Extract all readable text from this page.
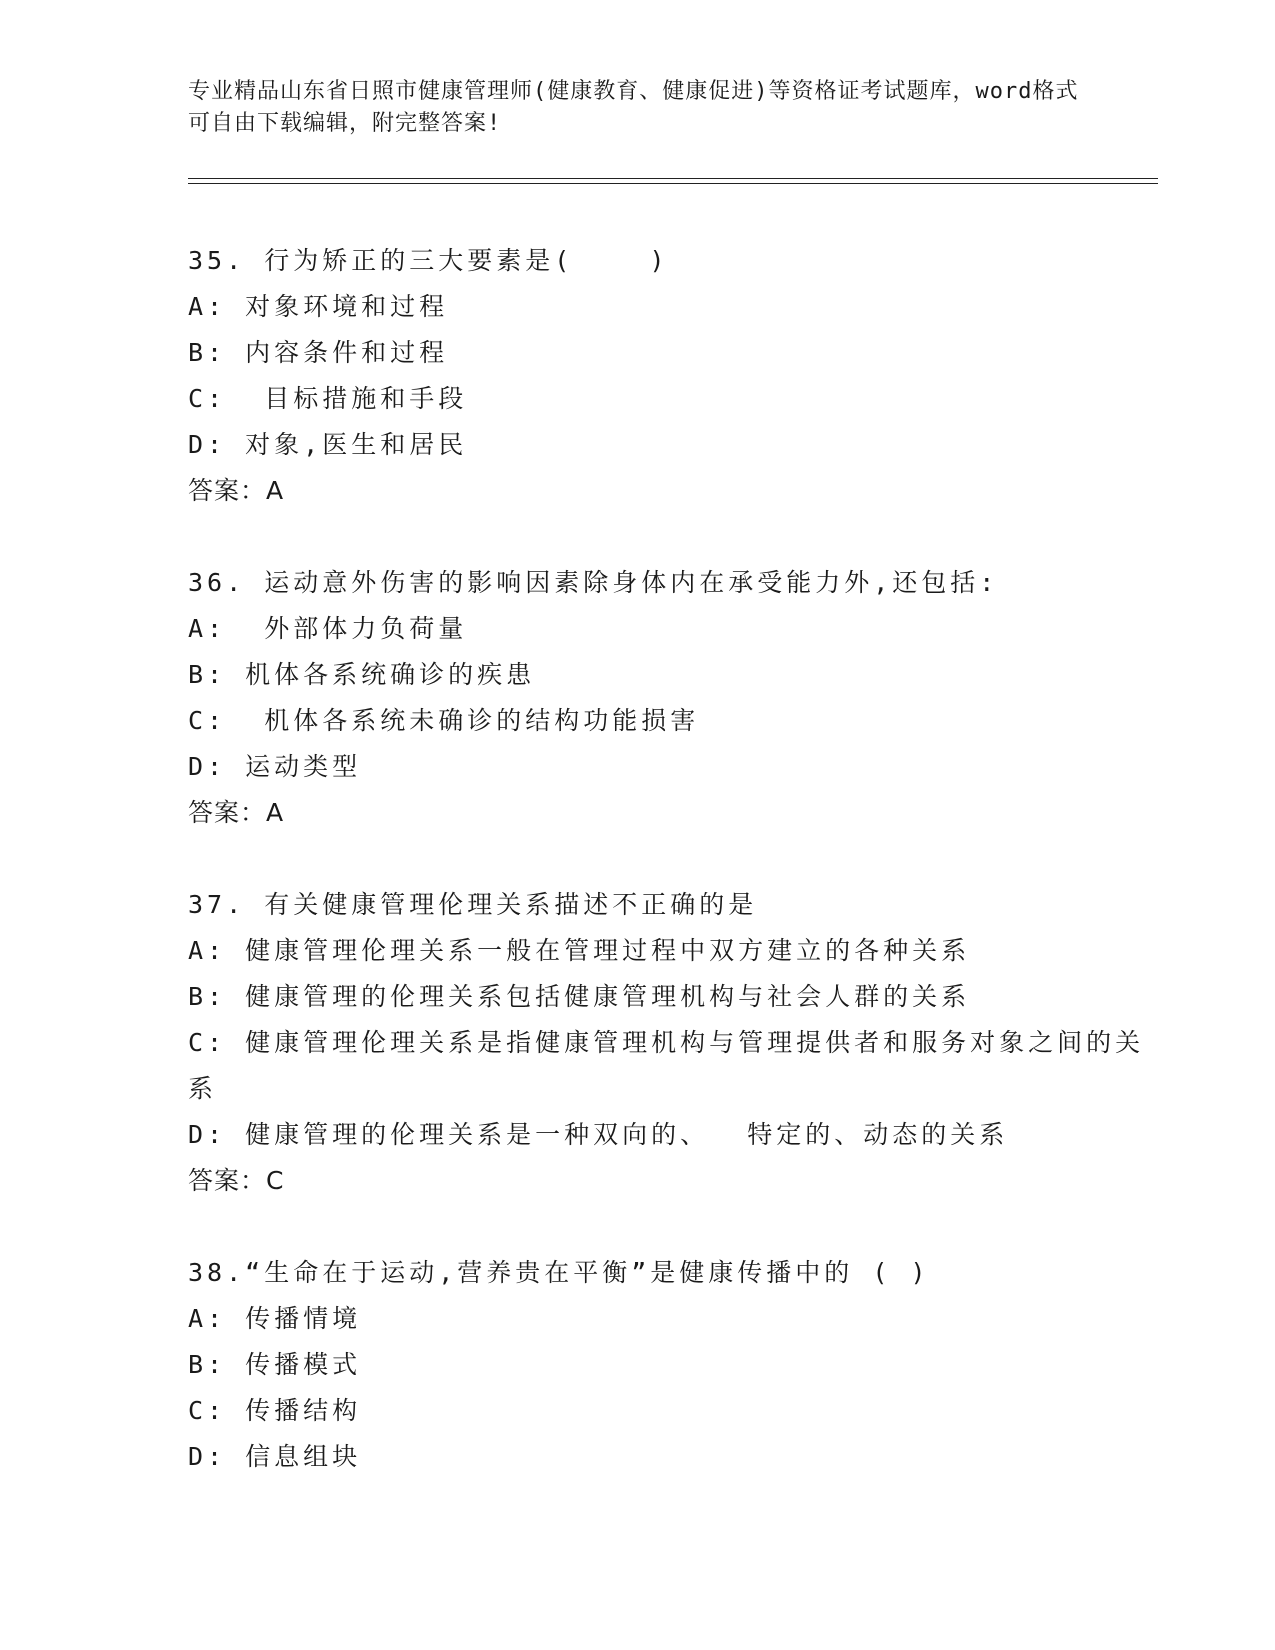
专业精品山东省日照市健康管理师(健康教育、健康促进)等资格证考试题库，word格式可自由下载编辑，附完整答案!
35. 行为矫正的三大要素是(    )
A: 对象环境和过程
B: 内容条件和过程
C: 目标措施和手段
D: 对象,医生和居民
答案：A
36. 运动意外伤害的影响因素除身体内在承受能力外,还包括:
A: 外部体力负荷量
B: 机体各系统确诊的疾患
C: 机体各系统未确诊的结构功能损害
D: 运动类型
答案：A
37. 有关健康管理伦理关系描述不正确的是
A: 健康管理伦理关系一般在管理过程中双方建立的各种关系
B: 健康管理的伦理关系包括健康管理机构与社会人群的关系
C: 健康管理伦理关系是指健康管理机构与管理提供者和服务对象之间的关系
D: 健康管理的伦理关系是一种双向的、  特定的、动态的关系
答案：C
38.“生命在于运动,营养贵在平衡”是健康传播中的 ( )
A: 传播情境
B: 传播模式
C: 传播结构
D: 信息组块
